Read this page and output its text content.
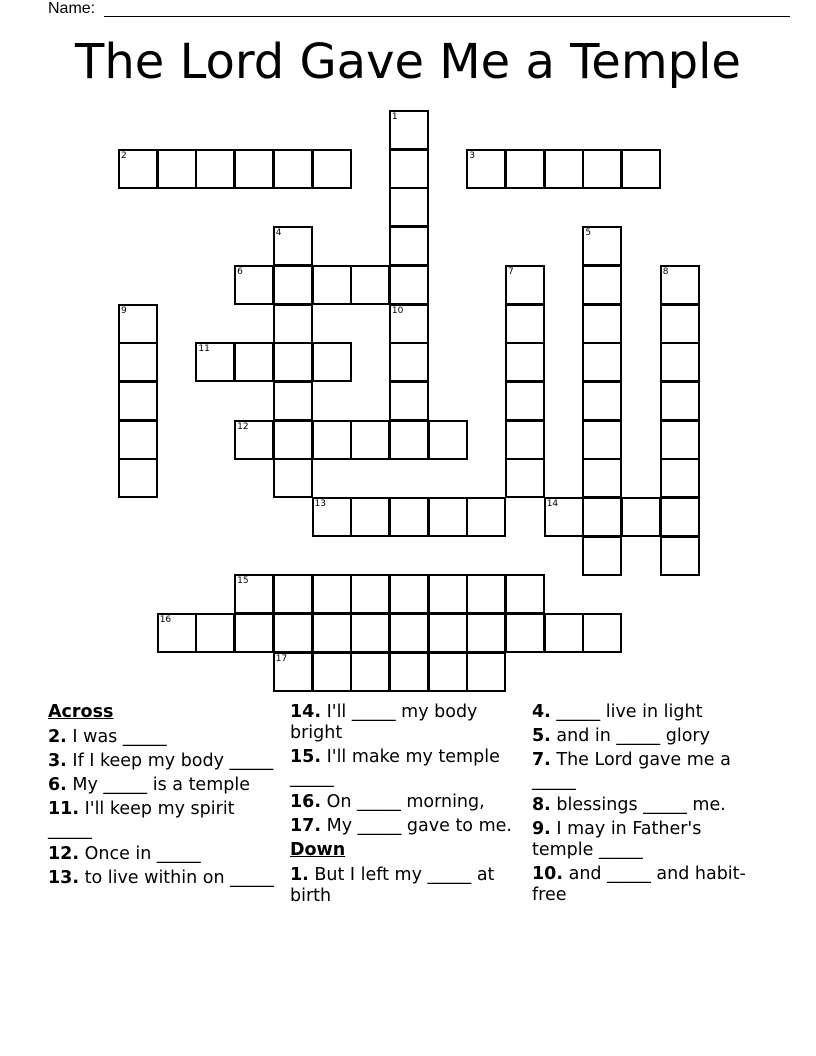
Name:
The Lord Gave Me a Temple
1
2	3
4	5
6	7	8
9	10
11
12
13	14
15
16
17
Across
2. I was _____
3. If I keep my body _____
6. My _____ is a temple
11. I'll keep my spirit _____
12. Once in _____
13. to live within on _____
14. I'll _____ my body bright
15. I'll make my temple _____
16. On _____ morning,
17. My _____ gave to me.
Down
1. But I left my _____ at birth
4. _____ live in light
5. and in _____ glory
7. The Lord gave me a _____
8. blessings _____ me.
9. I may in Father's temple _____
10. and _____ and habit-free
